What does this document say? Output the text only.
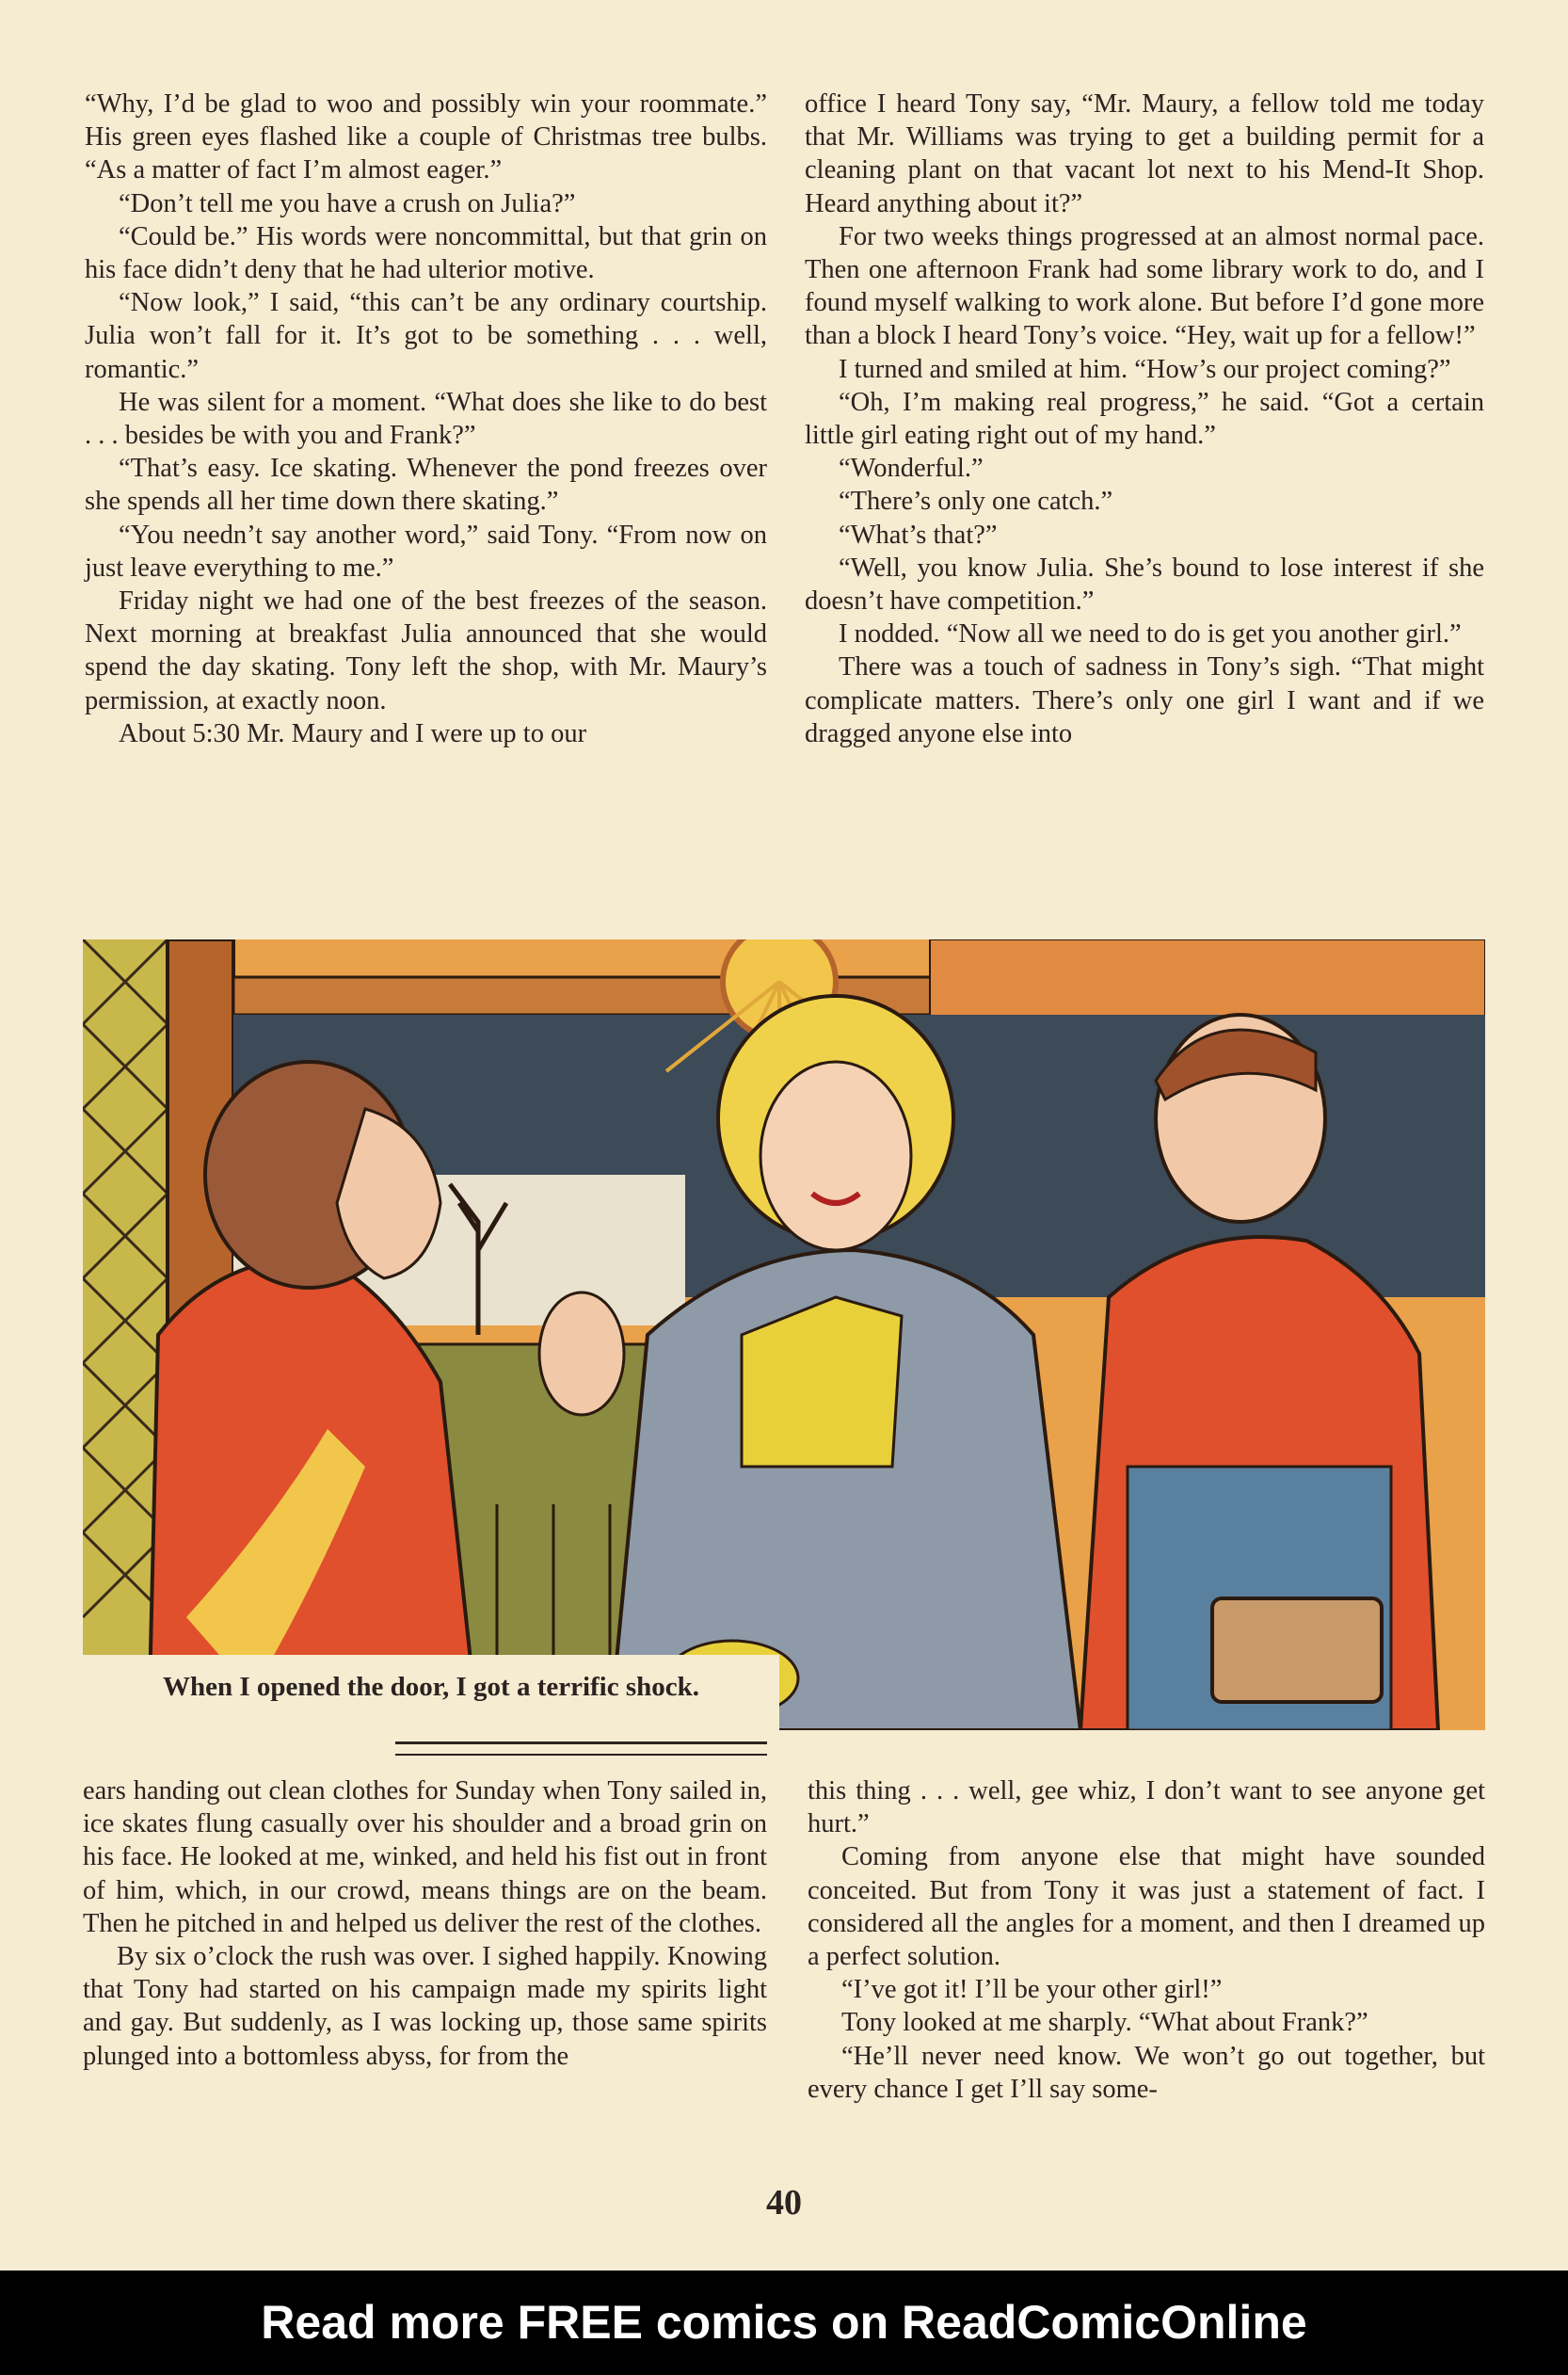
“Why, I’d be glad to woo and possibly win your roommate.” His green eyes flashed like a couple of Christmas tree bulbs. “As a matter of fact I’m almost eager.”

“Don’t tell me you have a crush on Julia?”

“Could be.” His words were noncommittal, but that grin on his face didn’t deny that he had ulterior motive.

“Now look,” I said, “this can’t be any ordinary courtship. Julia won’t fall for it. It’s got to be something . . . well, romantic.”

He was silent for a moment. “What does she like to do best . . . besides be with you and Frank?”

“That’s easy. Ice skating. Whenever the pond freezes over she spends all her time down there skating.”

“You needn’t say another word,” said Tony. “From now on just leave everything to me.”

Friday night we had one of the best freezes of the season. Next morning at breakfast Julia announced that she would spend the day skating. Tony left the shop, with Mr. Maury’s permission, at exactly noon.

About 5:30 Mr. Maury and I were up to our

office I heard Tony say, “Mr. Maury, a fellow told me today that Mr. Williams was trying to get a building permit for a cleaning plant on that vacant lot next to his Mend-It Shop. Heard anything about it?”

For two weeks things progressed at an almost normal pace. Then one afternoon Frank had some library work to do, and I found myself walking to work alone. But before I’d gone more than a block I heard Tony’s voice. “Hey, wait up for a fellow!”

I turned and smiled at him. “How’s our project coming?”

“Oh, I’m making real progress,” he said. “Got a certain little girl eating right out of my hand.”

“Wonderful.”

“There’s only one catch.”

“What’s that?”

“Well, you know Julia. She’s bound to lose interest if she doesn’t have competition.”

I nodded. “Now all we need to do is get you another girl.”

There was a touch of sadness in Tony’s sigh. “That might complicate matters. There’s only one girl I want and if we dragged anyone else into

When I opened the door, I got a terrific shock.

ears handing out clean clothes for Sunday when Tony sailed in, ice skates flung casually over his shoulder and a broad grin on his face. He looked at me, winked, and held his fist out in front of him, which, in our crowd, means things are on the beam. Then he pitched in and helped us deliver the rest of the clothes.

By six o’clock the rush was over. I sighed happily. Knowing that Tony had started on his campaign made my spirits light and gay. But suddenly, as I was locking up, those same spirits plunged into a bottomless abyss, for from the

this thing . . . well, gee whiz, I don’t want to see anyone get hurt.”

Coming from anyone else that might have sounded conceited. But from Tony it was just a statement of fact. I considered all the angles for a moment, and then I dreamed up a perfect solution.

“I’ve got it! I’ll be your other girl!”

Tony looked at me sharply. “What about Frank?”

“He’ll never need know. We won’t go out together, but every chance I get I’ll say some-

40
Read more FREE comics on ReadComicOnline
